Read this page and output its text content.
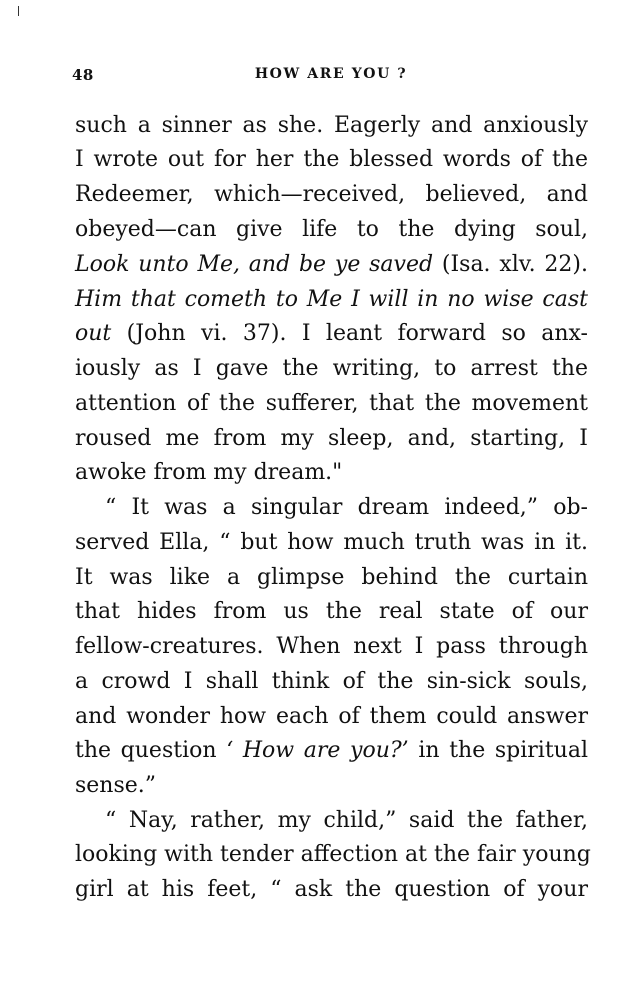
48	HOW ARE YOU ?
such a sinner as she. Eagerly and anxiously
I wrote out for her the blessed words of the
Redeemer, which—received, believed, and
obeyed—can give life to the dying soul,
Look unto Me, and be ye saved (Isa. xlv. 22).
Him that cometh to Me I will in no wise cast
out (John vi. 37). I leant forward so anx-
iously as I gave the writing, to arrest the
attention of the sufferer, that the movement
roused me from my sleep, and, starting, I
awoke from my dream."
“ It was a singular dream indeed,” ob-
served Ella, “ but how much truth was in it.
It was like a glimpse behind the curtain
that hides from us the real state of our
fellow-creatures. When next I pass through
a crowd I shall think of the sin-sick souls,
and wonder how each of them could answer
the question ‘ How are you?’ in the spiritual
sense.”
“ Nay, rather, my child,” said the father,
looking with tender affection at the fair young
girl at his feet, “ ask the question of your
